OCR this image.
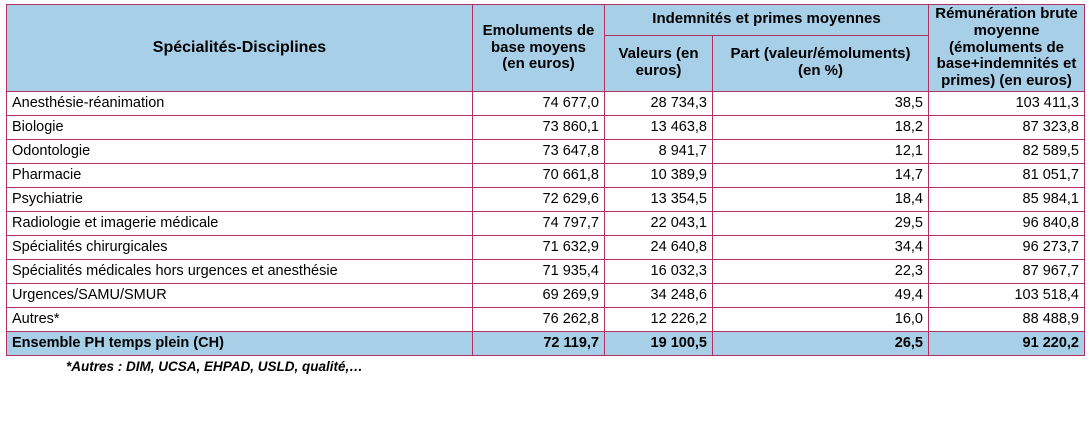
Spécialités-Disciplines	Emoluments de base moyens (en euros)	Indemnités et primes moyennes		Rémunération brute moyenne (émoluments de base+indemnités et primes) (en euros)
		Valeurs (en euros)	Part (valeur/émoluments) (en %)	
Anesthésie-réanimation	74 677,0	28 734,3	38,5	103 411,3
Biologie	73 860,1	13 463,8	18,2	87 323,8
Odontologie	73 647,8	8 941,7	12,1	82 589,5
Pharmacie	70 661,8	10 389,9	14,7	81 051,7
Psychiatrie	72 629,6	13 354,5	18,4	85 984,1
Radiologie et imagerie médicale	74 797,7	22 043,1	29,5	96 840,8
Spécialités chirurgicales	71 632,9	24 640,8	34,4	96 273,7
Spécialités médicales hors urgences et anesthésie	71 935,4	16 032,3	22,3	87 967,7
Urgences/SAMU/SMUR	69 269,9	34 248,6	49,4	103 518,4
Autres*	76 262,8	12 226,2	16,0	88 488,9
Ensemble PH temps plein (CH)	72 119,7	19 100,5	26,5	91 220,2
*Autres : DIM, UCSA, EHPAD, USLD, qualité,…
